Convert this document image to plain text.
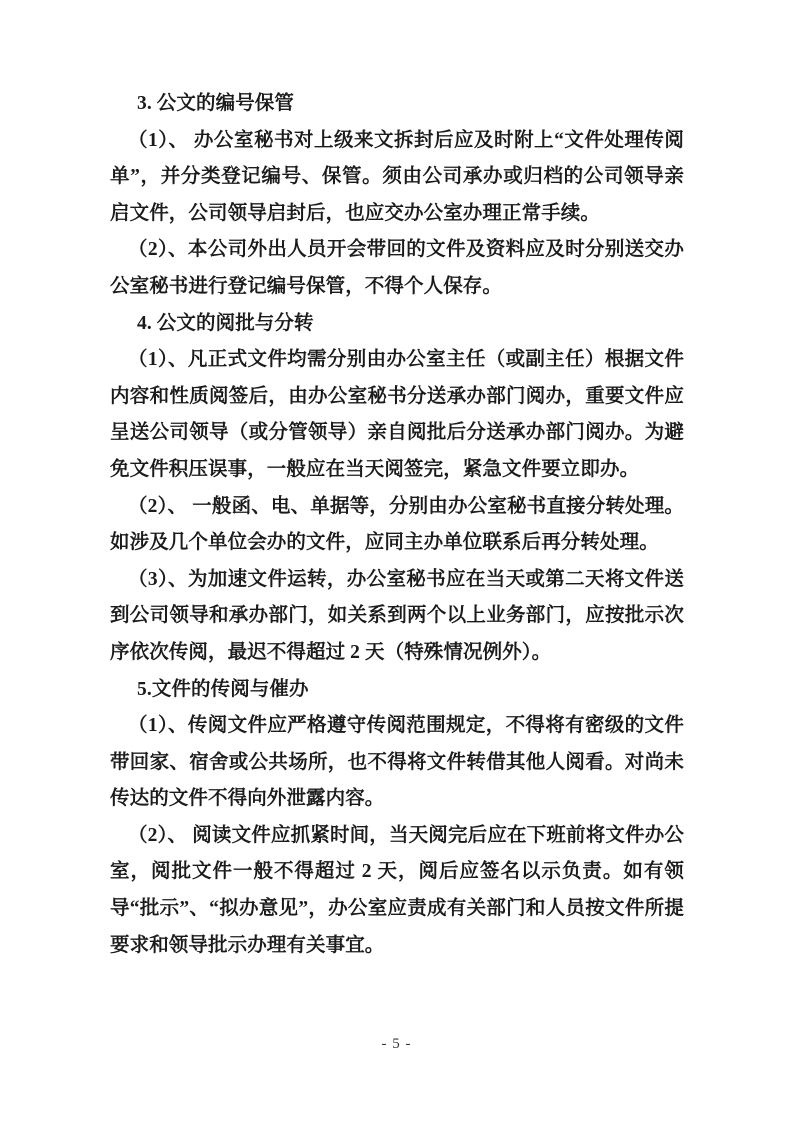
3. 公文的编号保管

（1）、 办公室秘书对上级来文拆封后应及时附上“文件处理传阅单”，并分类登记编号、保管。须由公司承办或归档的公司领导亲启文件，公司领导启封后，也应交办公室办理正常手续。

（2）、本公司外出人员开会带回的文件及资料应及时分别送交办公室秘书进行登记编号保管，不得个人保存。

4. 公文的阅批与分转

（1）、凡正式文件均需分别由办公室主任（或副主任）根据文件内容和性质阅签后，由办公室秘书分送承办部门阅办，重要文件应呈送公司领导（或分管领导）亲自阅批后分送承办部门阅办。为避免文件积压误事，一般应在当天阅签完，紧急文件要立即办。

（2）、 一般函、电、单据等，分别由办公室秘书直接分转处理。如涉及几个单位会办的文件，应同主办单位联系后再分转处理。

（3）、为加速文件运转，办公室秘书应在当天或第二天将文件送到公司领导和承办部门，如关系到两个以上业务部门，应按批示次序依次传阅，最迟不得超过 2 天（特殊情况例外）。

5.文件的传阅与催办

（1）、传阅文件应严格遵守传阅范围规定，不得将有密级的文件带回家、宿舍或公共场所，也不得将文件转借其他人阅看。对尚未传达的文件不得向外泄露内容。

（2）、 阅读文件应抓紧时间，当天阅完后应在下班前将文件办公室，阅批文件一般不得超过 2 天，阅后应签名以示负责。如有领导“批示”、“拟办意见”，办公室应责成有关部门和人员按文件所提要求和领导批示办理有关事宜。

- 5 -
